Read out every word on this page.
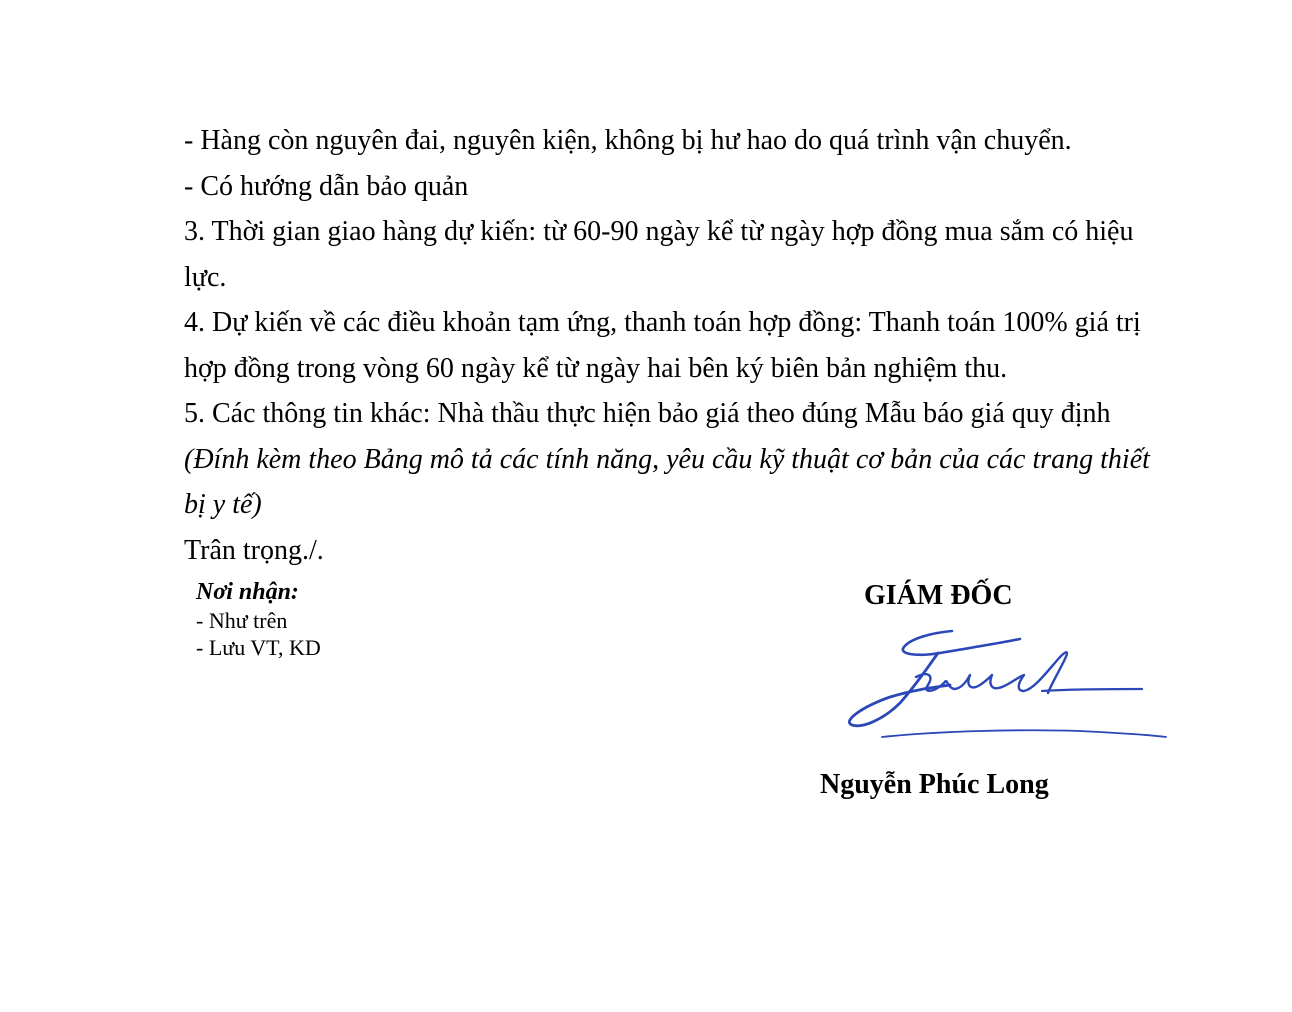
- Hàng còn nguyên đai, nguyên kiện, không bị hư hao do quá trình vận chuyển.

- Có hướng dẫn bảo quản

3. Thời gian giao hàng dự kiến: từ 60-90 ngày kể từ ngày hợp đồng mua sắm có hiệu

lực.

4. Dự kiến về các điều khoản tạm ứng, thanh toán hợp đồng: Thanh toán 100% giá trị

hợp đồng trong vòng 60 ngày kể từ ngày hai bên ký biên bản nghiệm thu.

5. Các thông tin khác: Nhà thầu thực hiện bảo giá theo đúng Mẫu báo giá quy định

(Đính kèm theo Bảng mô tả các tính năng, yêu cầu kỹ thuật cơ bản của các trang thiết

bị y tế)

Trân trọng./.

Nơi nhận:
- Như trên
- Lưu VT, KD
GIÁM ĐỐC
Nguyễn Phúc Long
